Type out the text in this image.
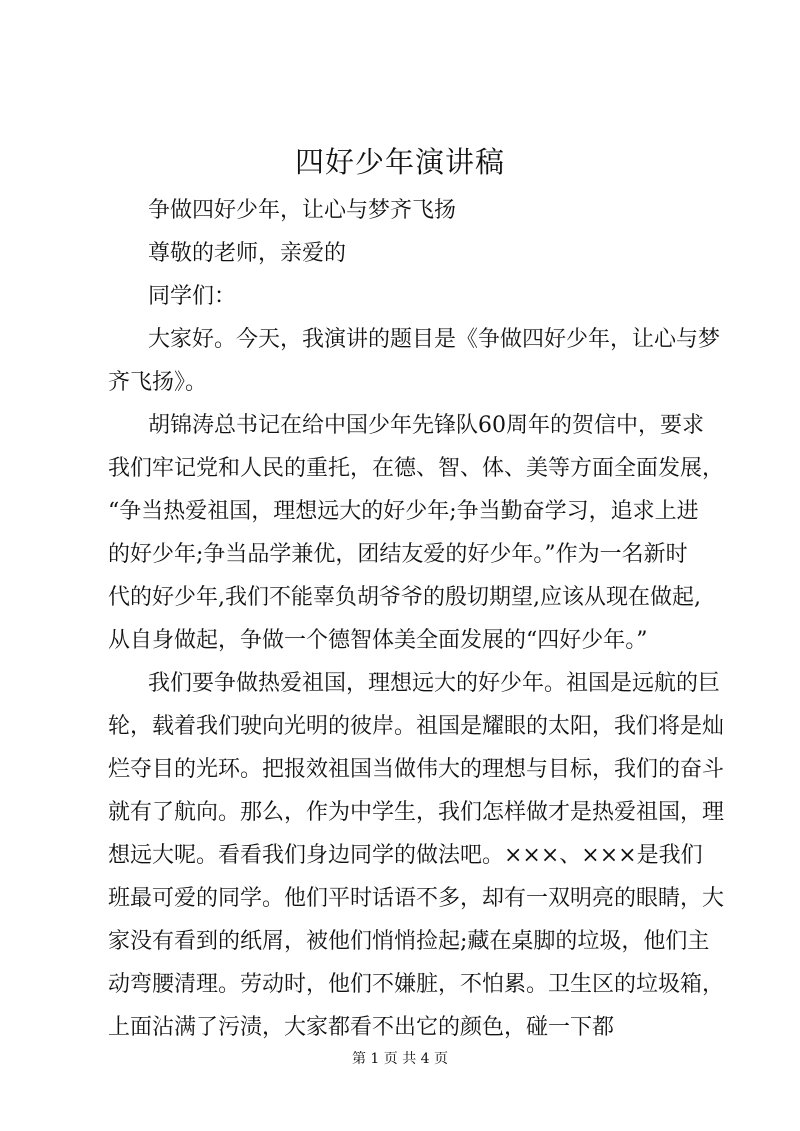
四好少年演讲稿
争做四好少年，让心与梦齐飞扬
尊敬的老师，亲爱的
同学们：
大家好。今天，我演讲的题目是《争做四好少年，让心与梦
齐飞扬》。
胡锦涛总书记在给中国少年先锋队60周年的贺信中，要求
我们牢记党和人民的重托，在德、智、体、美等方面全面发展，
“争当热爱祖国，理想远大的好少年;争当勤奋学习，追求上进
的好少年;争当品学兼优，团结友爱的好少年。”作为一名新时
代的好少年,我们不能辜负胡爷爷的殷切期望,应该从现在做起,
从自身做起，争做一个德智体美全面发展的“四好少年。”
我们要争做热爱祖国，理想远大的好少年。祖国是远航的巨
轮，载着我们驶向光明的彼岸。祖国是耀眼的太阳，我们将是灿
烂夺目的光环。把报效祖国当做伟大的理想与目标，我们的奋斗
就有了航向。那么，作为中学生，我们怎样做才是热爱祖国，理
想远大呢。看看我们身边同学的做法吧。×××、×××是我们
班最可爱的同学。他们平时话语不多，却有一双明亮的眼睛，大
家没有看到的纸屑，被他们悄悄捡起;藏在桌脚的垃圾，他们主
动弯腰清理。劳动时，他们不嫌脏，不怕累。卫生区的垃圾箱，
上面沾满了污渍，大家都看不出它的颜色，碰一下都
第 1 页 共 4 页
